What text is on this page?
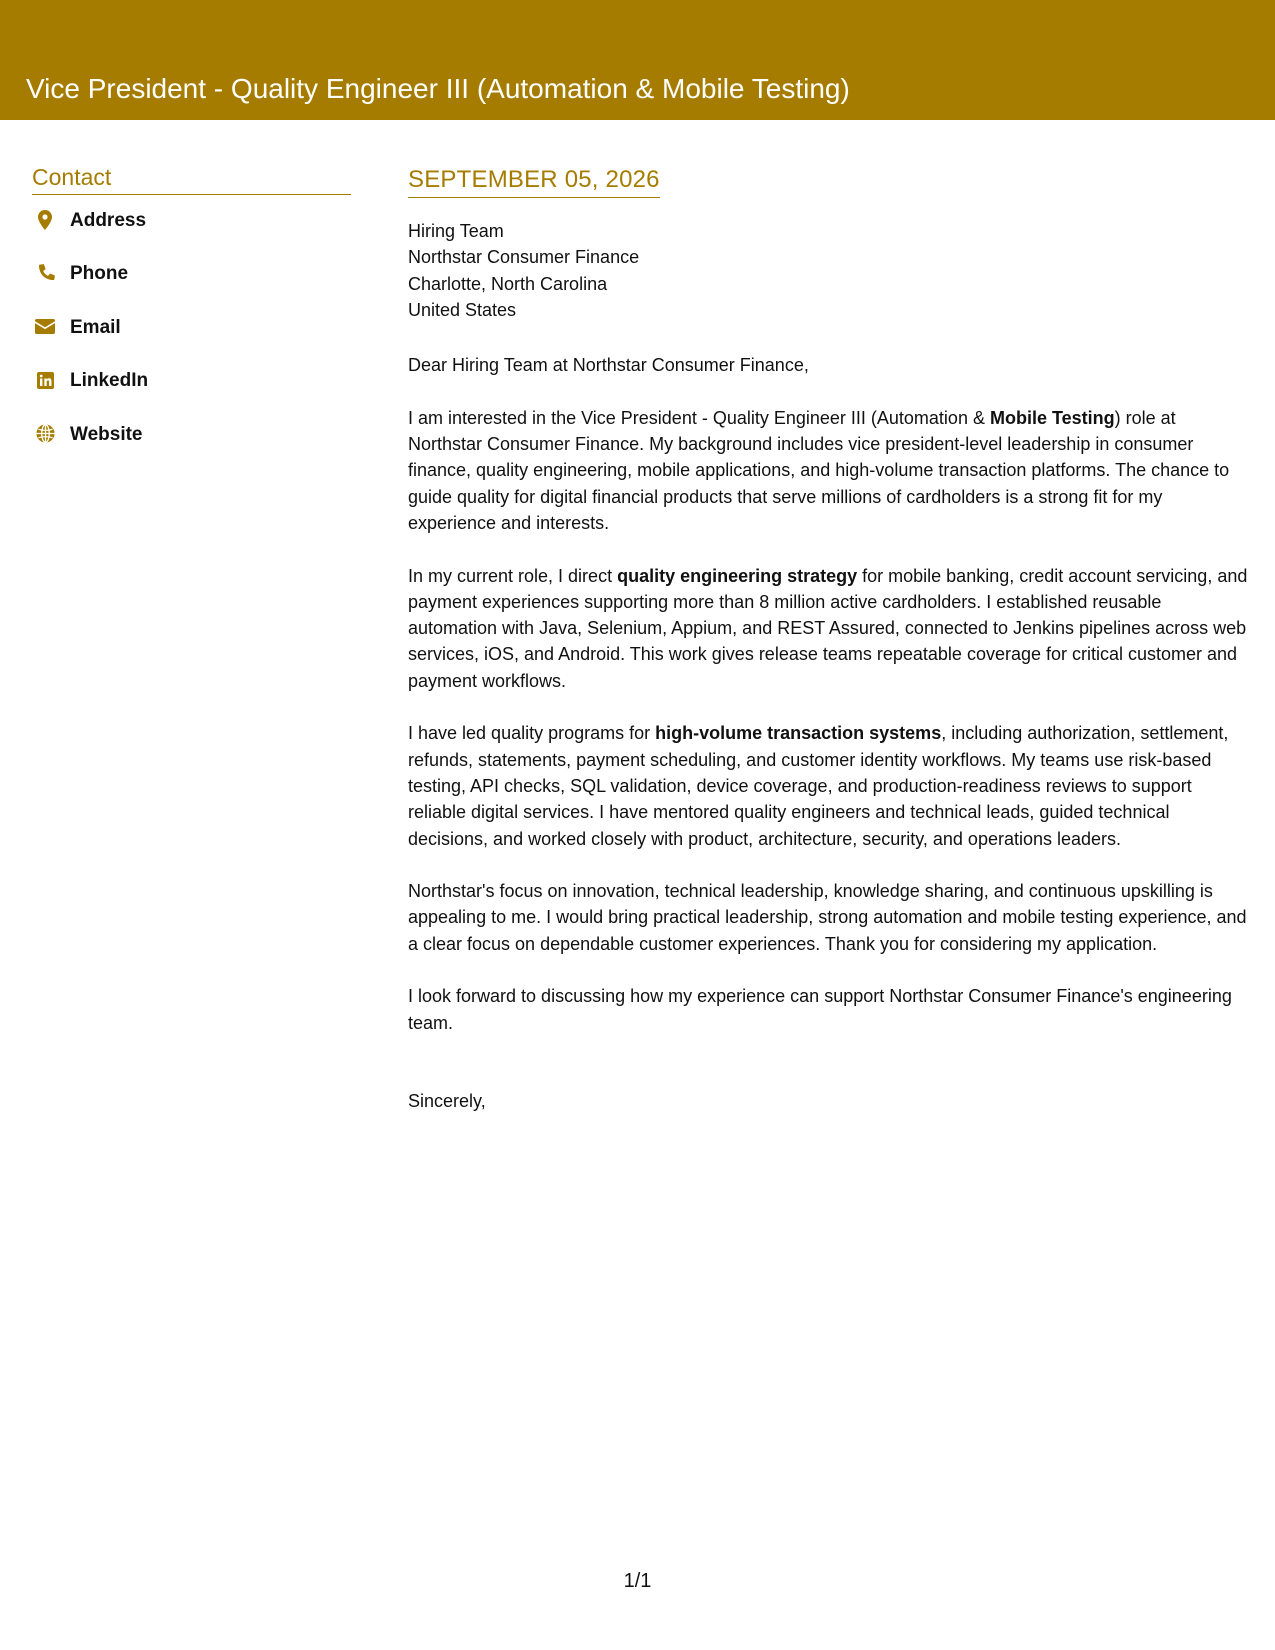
Vice President - Quality Engineer III (Automation & Mobile Testing)
Contact
Address
Phone
Email
LinkedIn
Website
SEPTEMBER 05, 2026
Hiring Team
Northstar Consumer Finance
Charlotte, North Carolina
United States
Dear Hiring Team at Northstar Consumer Finance,
I am interested in the Vice President - Quality Engineer III (Automation & Mobile Testing) role at Northstar Consumer Finance. My background includes vice president-level leadership in consumer finance, quality engineering, mobile applications, and high-volume transaction platforms. The chance to guide quality for digital financial products that serve millions of cardholders is a strong fit for my experience and interests.
In my current role, I direct quality engineering strategy for mobile banking, credit account servicing, and payment experiences supporting more than 8 million active cardholders. I established reusable automation with Java, Selenium, Appium, and REST Assured, connected to Jenkins pipelines across web services, iOS, and Android. This work gives release teams repeatable coverage for critical customer and payment workflows.
I have led quality programs for high-volume transaction systems, including authorization, settlement, refunds, statements, payment scheduling, and customer identity workflows. My teams use risk-based testing, API checks, SQL validation, device coverage, and production-readiness reviews to support reliable digital services. I have mentored quality engineers and technical leads, guided technical decisions, and worked closely with product, architecture, security, and operations leaders.
Northstar's focus on innovation, technical leadership, knowledge sharing, and continuous upskilling is appealing to me. I would bring practical leadership, strong automation and mobile testing experience, and a clear focus on dependable customer experiences. Thank you for considering my application.
I look forward to discussing how my experience can support Northstar Consumer Finance's engineering team.
Sincerely,
1/1
